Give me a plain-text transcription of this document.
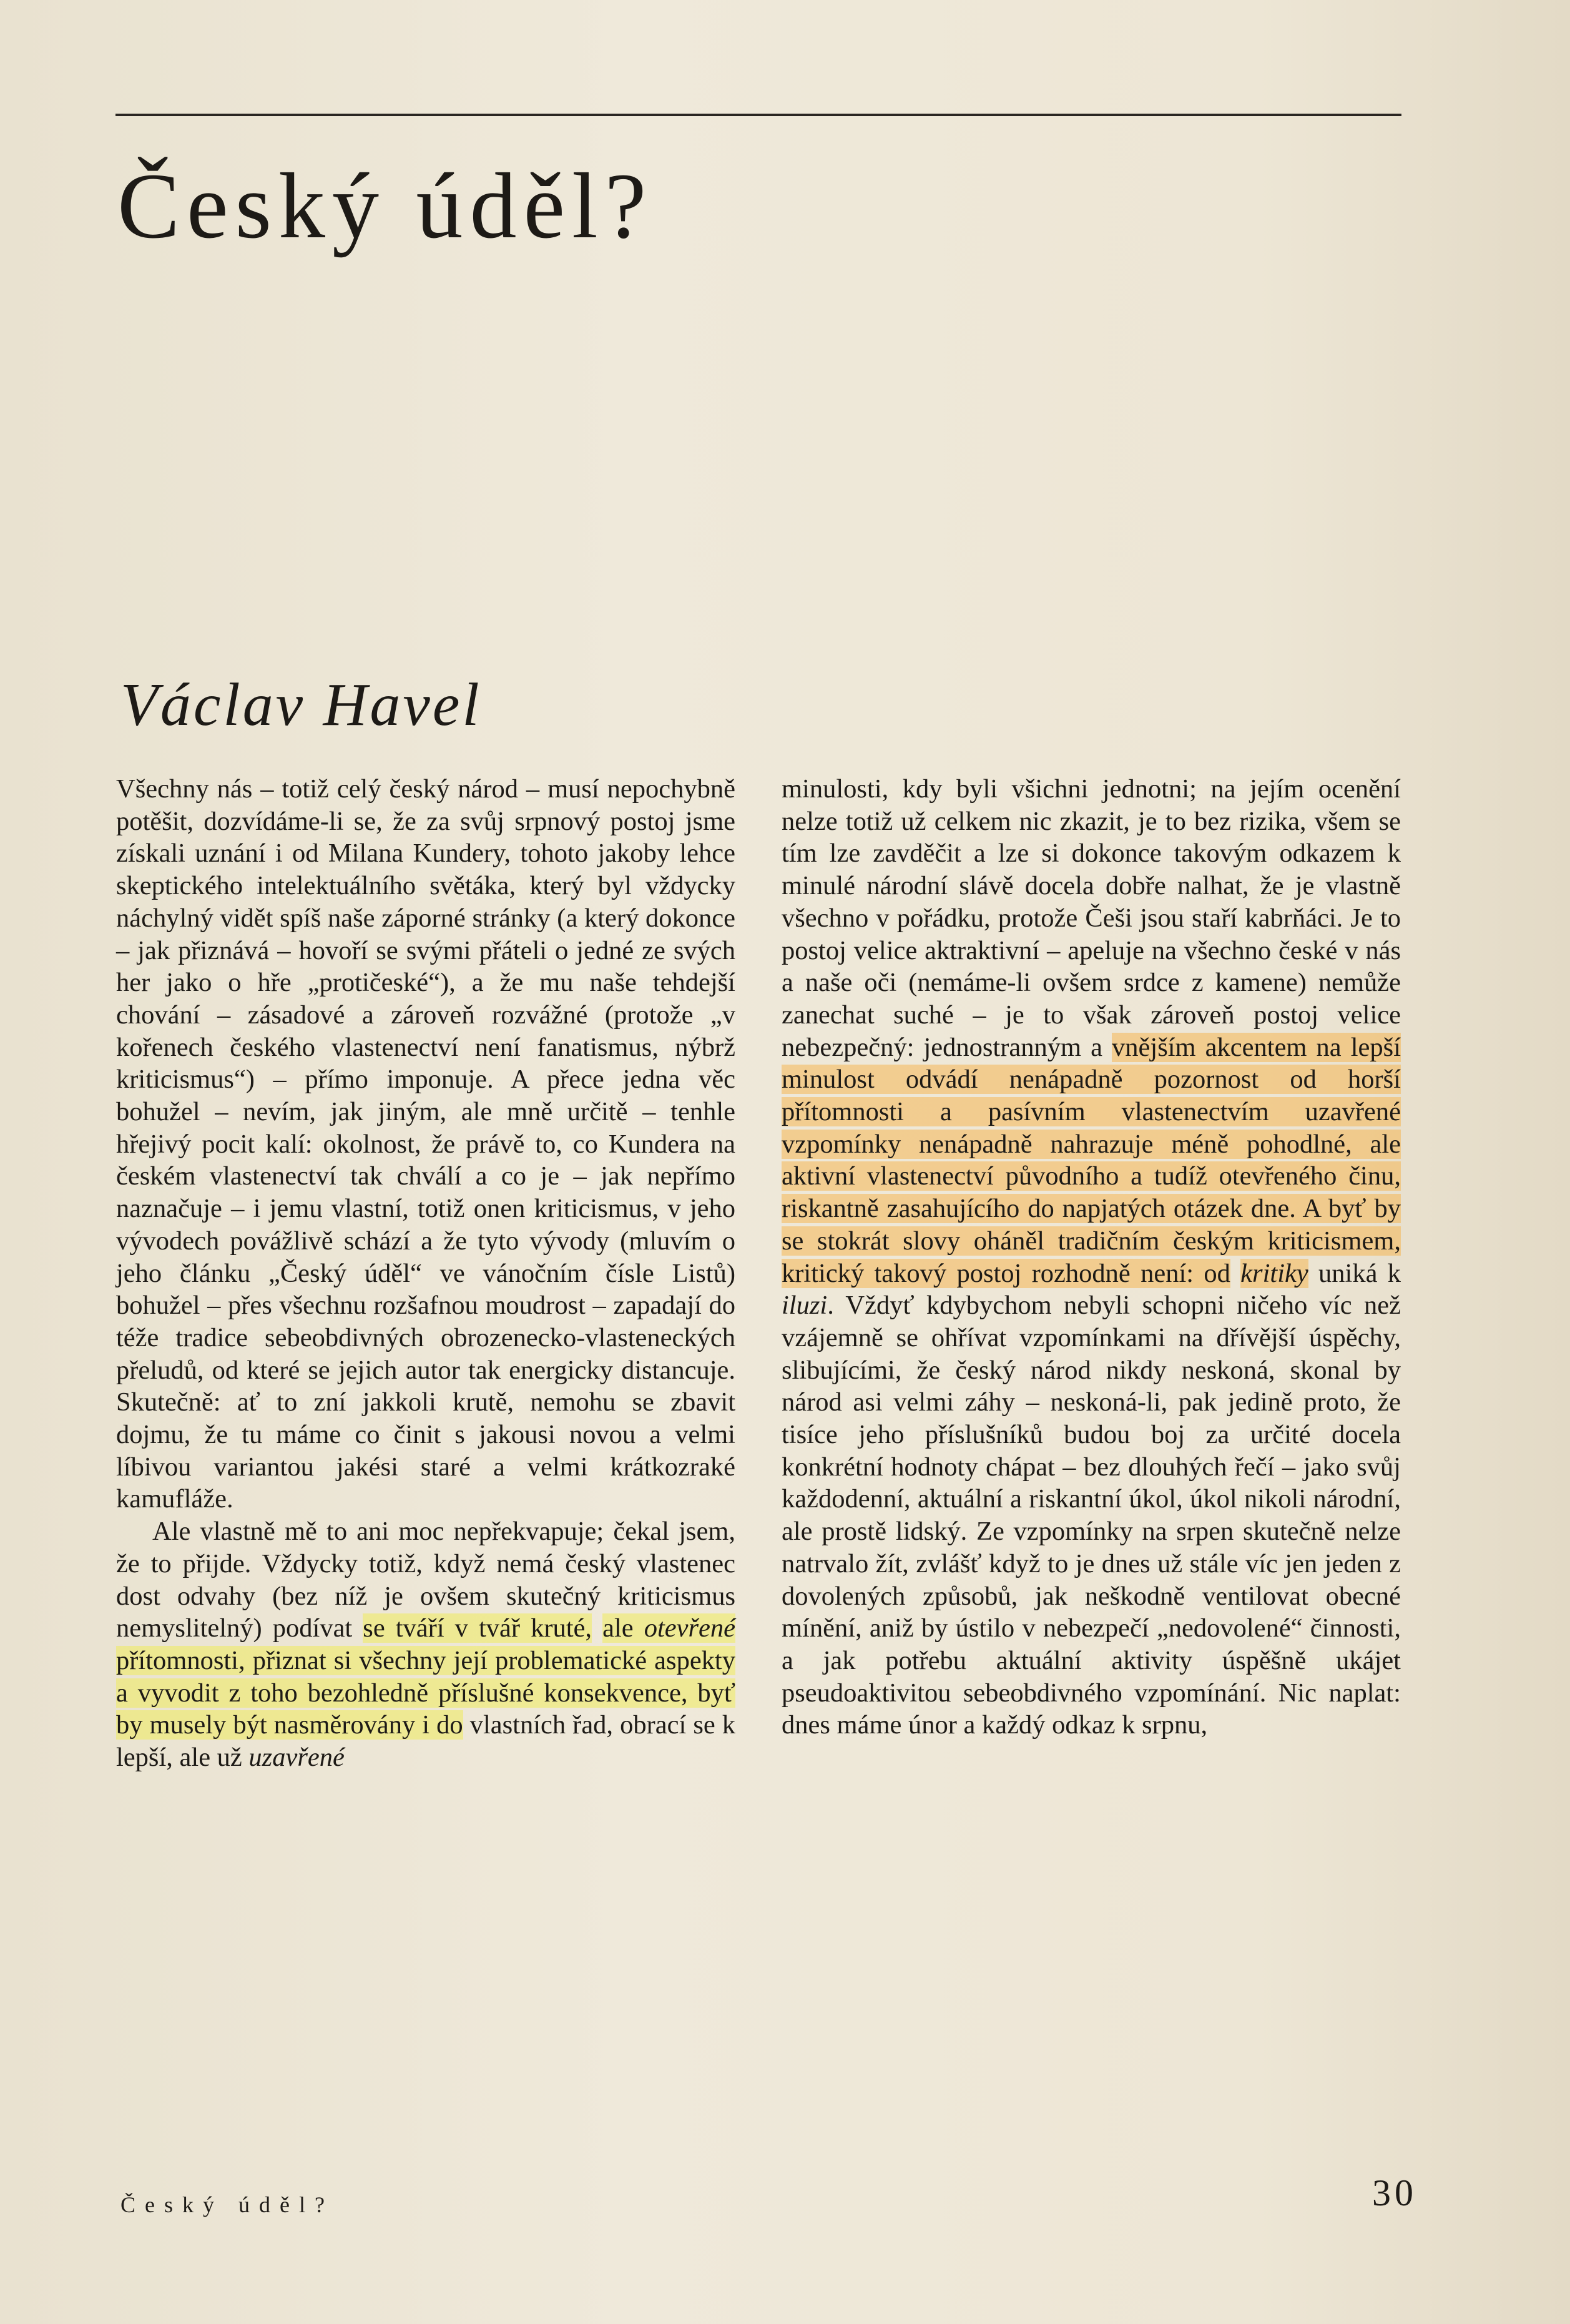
Český úděl?
Václav Havel

Všechny nás – totiž celý český národ – musí nepochybně potěšit, dozvídáme-li se, že za svůj srpnový postoj jsme získali uznání i od Milana Kundery, tohoto jakoby lehce skeptického intelektuálního světáka, který byl vždycky náchylný vidět spíš naše záporné stránky (a který dokonce – jak přiznává – hovoří se svými přáteli o jedné ze svých her jako o hře „protičeské“), a že mu naše tehdejší chování – zásadové a zároveň rozvážné (protože „v kořenech českého vlastenectví není fanatismus, nýbrž kriticismus“) – přímo imponuje. A přece jedna věc bohužel – nevím, jak jiným, ale mně určitě – tenhle hřejivý pocit kalí: okolnost, že právě to, co Kundera na českém vlastenectví tak chválí a co je – jak nepřímo naznačuje – i jemu vlastní, totiž onen kriticismus, v jeho vývodech povážlivě schází a že tyto vývody (mluvím o jeho článku „Český úděl“ ve vánočním čísle Listů) bohužel – přes všechnu rozšafnou moudrost – zapadají do téže tradice sebeobdivných obrozenecko-vlasteneckých přeludů, od které se jejich autor tak energicky distancuje. Skutečně: ať to zní jakkoli krutě, nemohu se zbavit dojmu, že tu máme co činit s jakousi novou a velmi líbivou variantou jakési staré a velmi krátkozraké kamufláže.

Ale vlastně mě to ani moc nepřekvapuje; čekal jsem, že to přijde. Vždycky totiž, když nemá český vlastenec dost odvahy (bez níž je ovšem skutečný kriticismus nemyslitelný) podívat se tváří v tvář kruté, ale otevřené přítomnosti, přiznat si všechny její problematické aspekty a vyvodit z toho bezohledně příslušné konsekvence, byť by musely být nasměrovány i do vlastních řad, obrací se k lepší, ale už uzavřené

minulosti, kdy byli všichni jednotni; na jejím ocenění nelze totiž už celkem nic zkazit, je to bez rizika, všem se tím lze zavděčit a lze si dokonce takovým odkazem k minulé národní slávě docela dobře nalhat, že je vlastně všechno v pořádku, protože Češi jsou staří kabrňáci. Je to postoj velice aktraktivní – apeluje na všechno české v nás a naše oči (nemáme-li ovšem srdce z kamene) nemůže zanechat suché – je to však zároveň postoj velice nebezpečný: jednostranným a vnějším akcentem na lepší minulost odvádí nenápadně pozornost od horší přítomnosti a pasívním vlastenectvím uzavřené vzpomínky nenápadně nahrazuje méně pohodlné, ale aktivní vlastenectví původního a tudíž otevřeného činu, riskantně zasahujícího do napjatých otázek dne. A byť by se stokrát slovy oháněl tradičním českým kriticismem, kritický takový postoj rozhodně není: od kritiky uniká k iluzi. Vždyť kdybychom nebyli schopni ničeho víc než vzájemně se ohřívat vzpomínkami na dřívější úspěchy, slibujícími, že český národ nikdy neskoná, skonal by národ asi velmi záhy – neskoná-li, pak jedině proto, že tisíce jeho příslušníků budou boj za určité docela konkrétní hodnoty chápat – bez dlouhých řečí – jako svůj každodenní, aktuální a riskantní úkol, úkol nikoli národní, ale prostě lidský. Ze vzpomínky na srpen skutečně nelze natrvalo žít, zvlášť když to je dnes už stále víc jen jeden z dovolených způsobů, jak neškodně ventilovat obecné mínění, aniž by ústilo v nebezpečí „nedovolené“ činnosti, a jak potřebu aktuální aktivity úspěšně ukájet pseudoaktivitou sebeobdivného vzpomínání. Nic naplat: dnes máme únor a každý odkaz k srpnu,

Český úděl?	30
